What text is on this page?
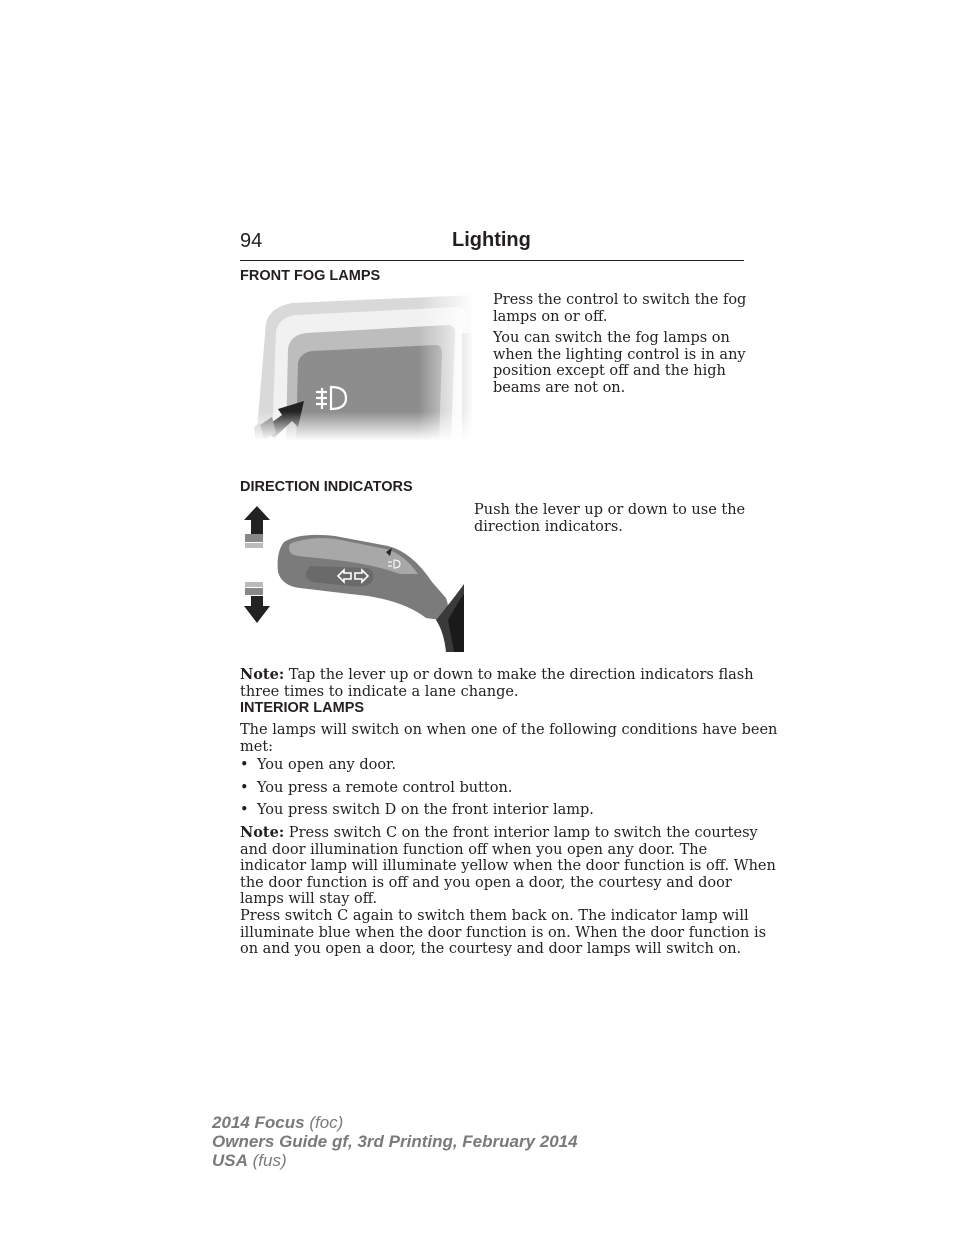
94	Lighting
FRONT FOG LAMPS
Press the control to switch the fog
lamps on or off.
You can switch the fog lamps on
when the lighting control is in any
position except off and the high
beams are not on.
DIRECTION INDICATORS
Push the lever up or down to use the
direction indicators.
Note: Tap the lever up or down to make the direction indicators flash
three times to indicate a lane change.
INTERIOR LAMPS
The lamps will switch on when one of the following conditions have been
met:
• You open any door.
• You press a remote control button.
• You press switch D on the front interior lamp.
Note: Press switch C on the front interior lamp to switch the courtesy
and door illumination function off when you open any door. The
indicator lamp will illuminate yellow when the door function is off. When
the door function is off and you open a door, the courtesy and door
lamps will stay off.
Press switch C again to switch them back on. The indicator lamp will
illuminate blue when the door function is on. When the door function is
on and you open a door, the courtesy and door lamps will switch on.
2014 Focus (foc)
Owners Guide gf, 3rd Printing, February 2014
USA (fus)
